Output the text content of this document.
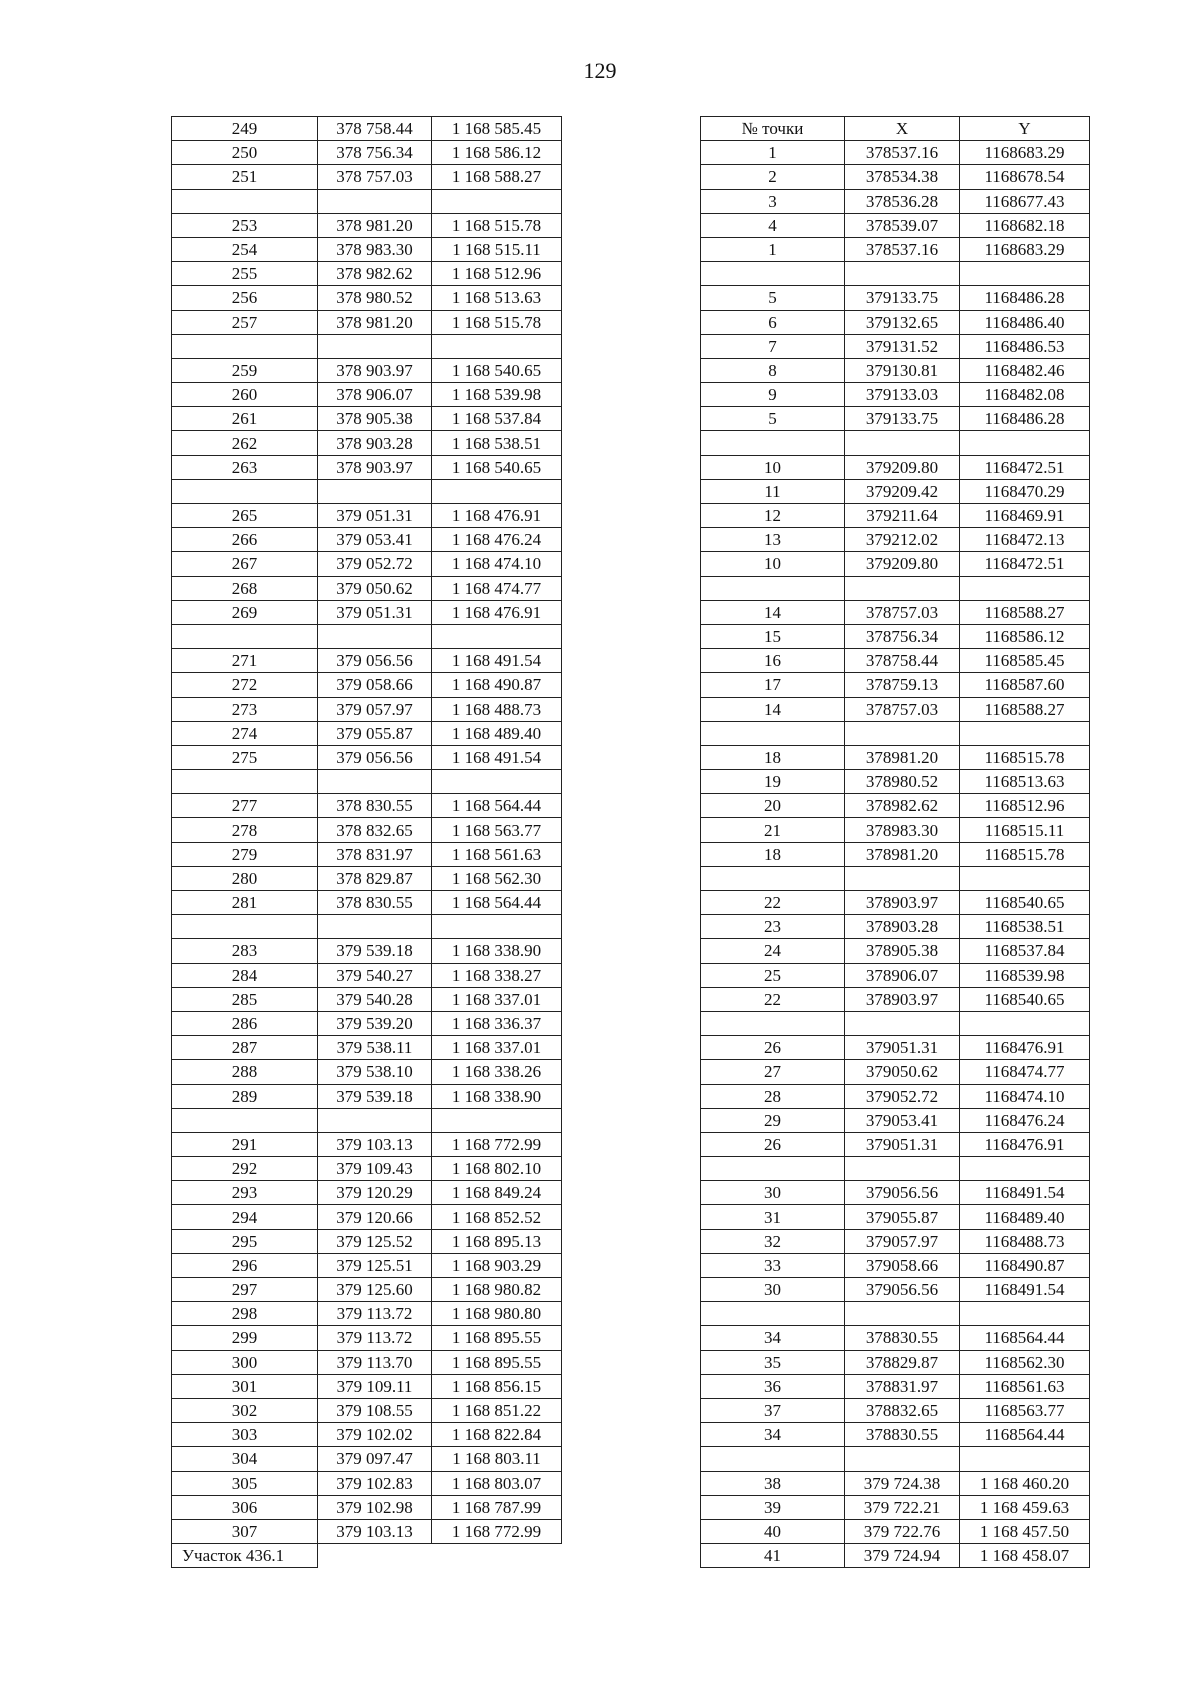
129
249	378 758.44	1 168 585.45
250	378 756.34	1 168 586.12
251	378 757.03	1 168 588.27

253	378 981.20	1 168 515.78
254	378 983.30	1 168 515.11
255	378 982.62	1 168 512.96
256	378 980.52	1 168 513.63
257	378 981.20	1 168 515.78

259	378 903.97	1 168 540.65
260	378 906.07	1 168 539.98
261	378 905.38	1 168 537.84
262	378 903.28	1 168 538.51
263	378 903.97	1 168 540.65

265	379 051.31	1 168 476.91
266	379 053.41	1 168 476.24
267	379 052.72	1 168 474.10
268	379 050.62	1 168 474.77
269	379 051.31	1 168 476.91

271	379 056.56	1 168 491.54
272	379 058.66	1 168 490.87
273	379 057.97	1 168 488.73
274	379 055.87	1 168 489.40
275	379 056.56	1 168 491.54

277	378 830.55	1 168 564.44
278	378 832.65	1 168 563.77
279	378 831.97	1 168 561.63
280	378 829.87	1 168 562.30
281	378 830.55	1 168 564.44

283	379 539.18	1 168 338.90
284	379 540.27	1 168 338.27
285	379 540.28	1 168 337.01
286	379 539.20	1 168 336.37
287	379 538.11	1 168 337.01
288	379 538.10	1 168 338.26
289	379 539.18	1 168 338.90

291	379 103.13	1 168 772.99
292	379 109.43	1 168 802.10
293	379 120.29	1 168 849.24
294	379 120.66	1 168 852.52
295	379 125.52	1 168 895.13
296	379 125.51	1 168 903.29
297	379 125.60	1 168 980.82
298	379 113.72	1 168 980.80
299	379 113.72	1 168 895.55
300	379 113.70	1 168 895.55
301	379 109.11	1 168 856.15
302	379 108.55	1 168 851.22
303	379 102.02	1 168 822.84
304	379 097.47	1 168 803.11
305	379 102.83	1 168 803.07
306	379 102.98	1 168 787.99
307	379 103.13	1 168 772.99
Участок 436.1		
№ точки	X	Y
1	378537.16	1168683.29
2	378534.38	1168678.54
3	378536.28	1168677.43
4	378539.07	1168682.18
1	378537.16	1168683.29

5	379133.75	1168486.28
6	379132.65	1168486.40
7	379131.52	1168486.53
8	379130.81	1168482.46
9	379133.03	1168482.08
5	379133.75	1168486.28

10	379209.80	1168472.51
11	379209.42	1168470.29
12	379211.64	1168469.91
13	379212.02	1168472.13
10	379209.80	1168472.51

14	378757.03	1168588.27
15	378756.34	1168586.12
16	378758.44	1168585.45
17	378759.13	1168587.60
14	378757.03	1168588.27

18	378981.20	1168515.78
19	378980.52	1168513.63
20	378982.62	1168512.96
21	378983.30	1168515.11
18	378981.20	1168515.78

22	378903.97	1168540.65
23	378903.28	1168538.51
24	378905.38	1168537.84
25	378906.07	1168539.98
22	378903.97	1168540.65

26	379051.31	1168476.91
27	379050.62	1168474.77
28	379052.72	1168474.10
29	379053.41	1168476.24
26	379051.31	1168476.91

30	379056.56	1168491.54
31	379055.87	1168489.40
32	379057.97	1168488.73
33	379058.66	1168490.87
30	379056.56	1168491.54

34	378830.55	1168564.44
35	378829.87	1168562.30
36	378831.97	1168561.63
37	378832.65	1168563.77
34	378830.55	1168564.44

38	379 724.38	1 168 460.20
39	379 722.21	1 168 459.63
40	379 722.76	1 168 457.50
41	379 724.94	1 168 458.07
